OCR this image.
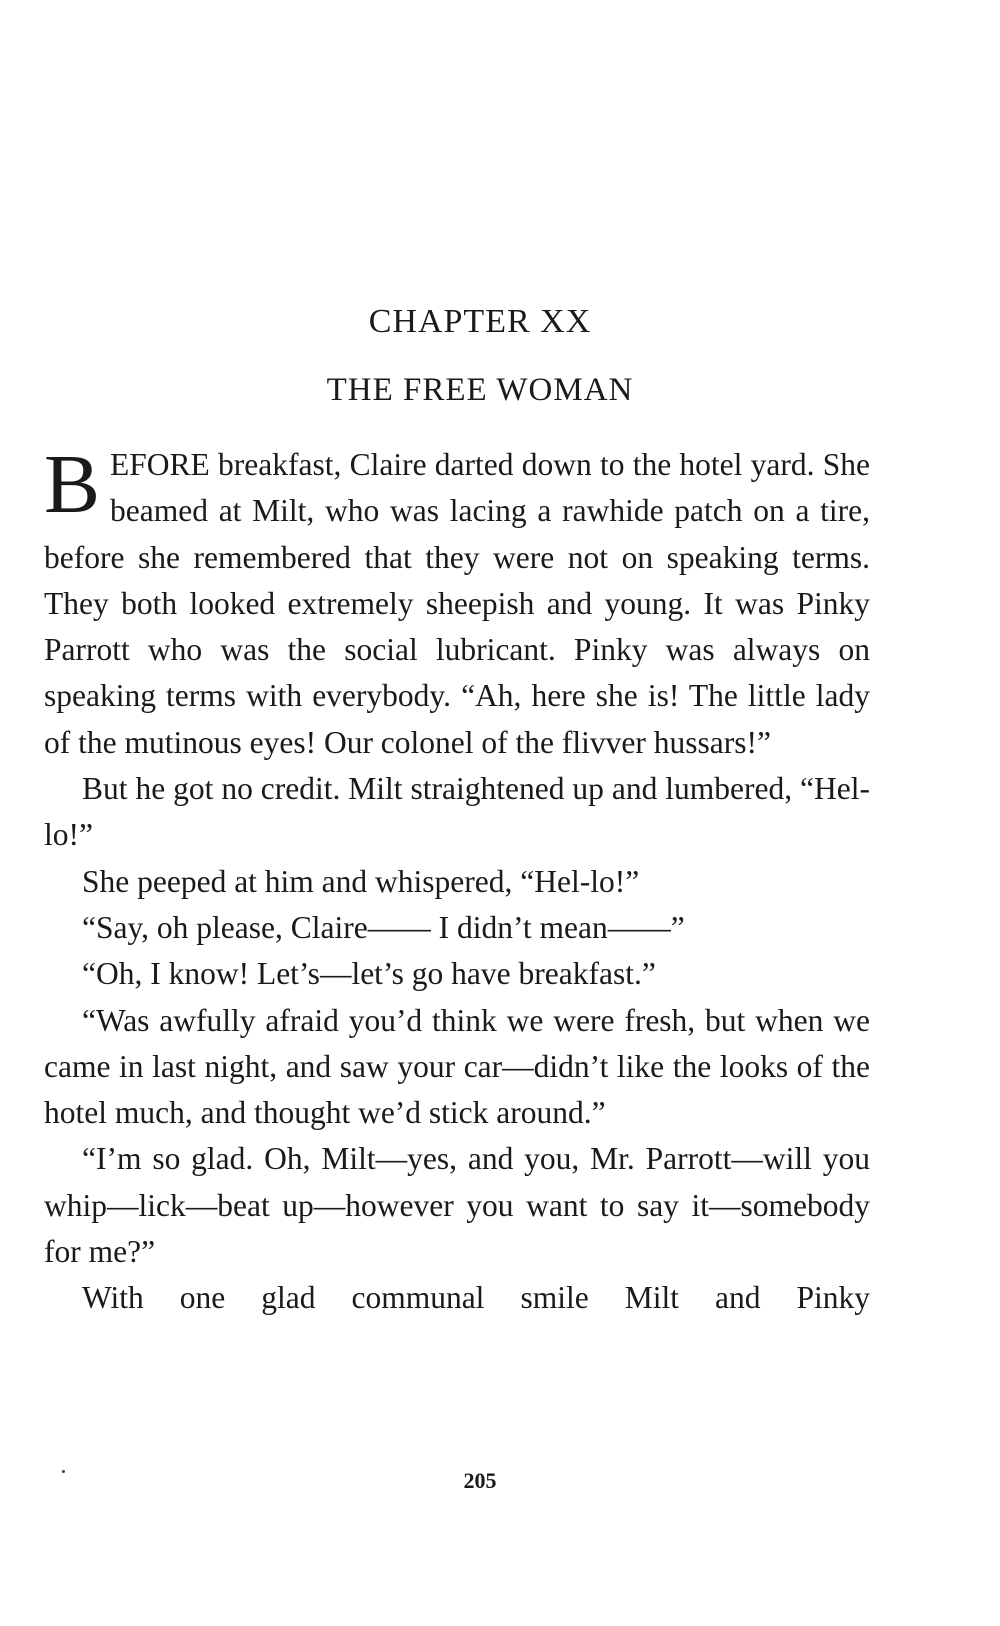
CHAPTER XX
THE FREE WOMAN

BEFORE breakfast, Claire darted down to the hotel yard. She beamed at Milt, who was lacing a rawhide patch on a tire, before she remembered that they were not on speaking terms. They both looked extremely sheepish and young. It was Pinky Parrott who was the social lubricant. Pinky was always on speaking terms with everybody. “Ah, here she is! The little lady of the mutinous eyes! Our colonel of the flivver hussars!”

But he got no credit. Milt straightened up and lumbered, “Hel-lo!”

She peeped at him and whispered, “Hel-lo!”

“Say, oh please, Claire—— I didn’t mean——”

“Oh, I know! Let’s—let’s go have breakfast.”

“Was awfully afraid you’d think we were fresh, but when we came in last night, and saw your car—didn’t like the looks of the hotel much, and thought we’d stick around.”

“I’m so glad. Oh, Milt—yes, and you, Mr. Parrott—will you whip—lick—beat up—however you want to say it—somebody for me?”

With one glad communal smile Milt and Pinky

205
